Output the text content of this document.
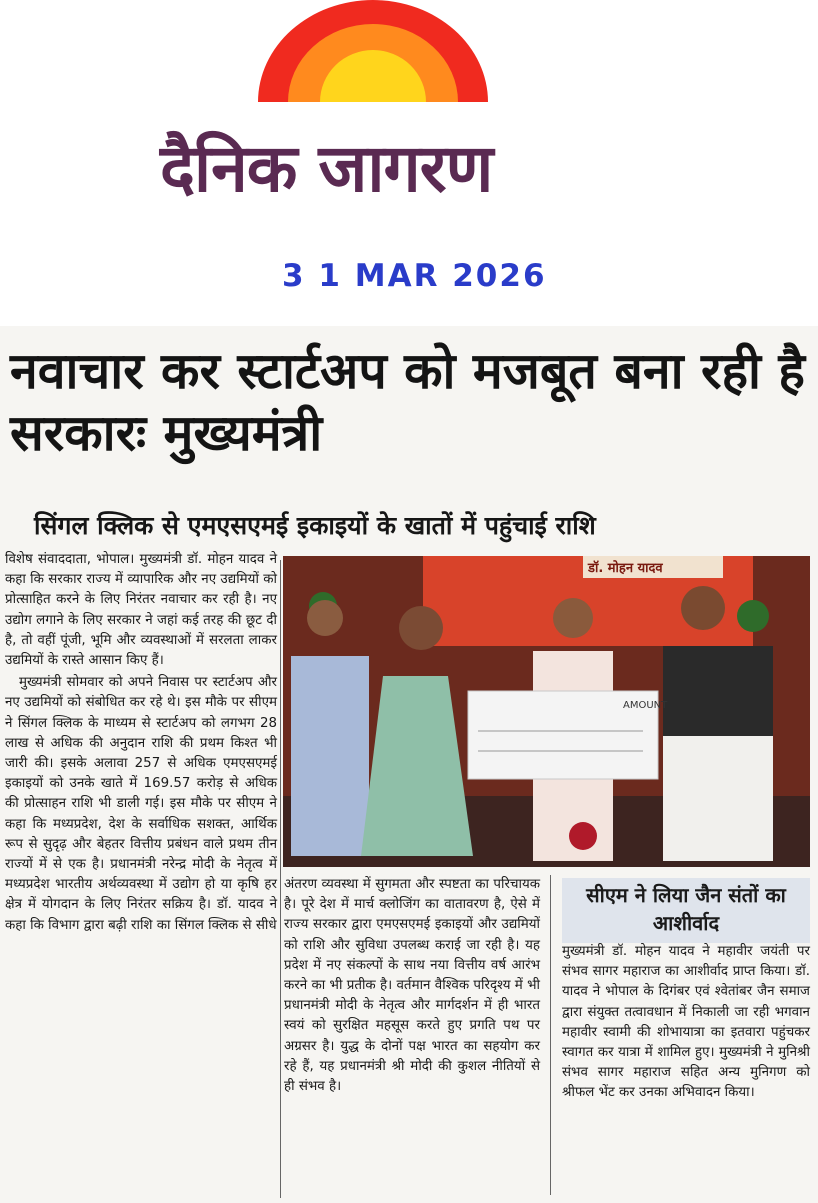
दैनिक जागरण
3 1 MAR 2026
नवाचार कर स्टार्टअप को मजबूत बना रही है सरकारः मुख्यमंत्री
सिंगल क्लिक से एमएसएमई इकाइयों के खातों में पहुंचाई राशि

विशेष संवाददाता, भोपाल। मुख्यमंत्री डॉ. मोहन यादव ने कहा कि सरकार राज्य में व्यापारिक और नए उद्यमियों को प्रोत्साहित करने के लिए निरंतर नवाचार कर रही है। नए उद्योग लगाने के लिए सरकार ने जहां कई तरह की छूट दी है, तो वहीं पूंजी, भूमि और व्यवस्थाओं में सरलता लाकर उद्यमियों के रास्ते आसान किए हैं।

मुख्यमंत्री सोमवार को अपने निवास पर स्टार्टअप और नए उद्यमियों को संबोधित कर रहे थे। इस मौके पर सीएम ने सिंगल क्लिक के माध्यम से स्टार्टअप को लगभग 28 लाख से अधिक की अनुदान राशि की प्रथम किश्त भी जारी की। इसके अलावा 257 से अधिक एमएसएमई इकाइयों को उनके खाते में 169.57 करोड़ से अधिक की प्रोत्साहन राशि भी डाली गई। इस मौके पर सीएम ने कहा कि मध्यप्रदेश, देश के सर्वाधिक सशक्त, आर्थिक रूप से सुदृढ़ और बेहतर वित्तीय प्रबंधन वाले प्रथम तीन राज्यों में से एक है। प्रधानमंत्री नरेन्द्र मोदी के नेतृत्व में मध्यप्रदेश भारतीय अर्थव्यवस्था में उद्योग हो या कृषि हर क्षेत्र में योगदान के लिए निरंतर सक्रिय है। डॉ. यादव ने कहा कि विभाग द्वारा बढ़ी राशि का सिंगल क्लिक से सीधे

डॉ. मोहन यादव
AMOUNT

अंतरण व्यवस्था में सुगमता और स्पष्टता का परिचायक है। पूरे देश में मार्च क्लोजिंग का वातावरण है, ऐसे में राज्य सरकार द्वारा एमएसएमई इकाइयों और उद्यमियों को राशि और सुविधा उपलब्ध कराई जा रही है। यह प्रदेश में नए संकल्पों के साथ नया वित्तीय वर्ष आरंभ करने का भी प्रतीक है। वर्तमान वैश्विक परिदृश्य में भी प्रधानमंत्री मोदी के नेतृत्व और मार्गदर्शन में ही भारत स्वयं को सुरक्षित महसूस करते हुए प्रगति पथ पर अग्रसर है। युद्ध के दोनों पक्ष भारत का सहयोग कर रहे हैं, यह प्रधानमंत्री श्री मोदी की कुशल नीतियों से ही संभव है।

सीएम ने लिया जैन संतों का आशीर्वाद

मुख्यमंत्री डॉ. मोहन यादव ने महावीर जयंती पर संभव सागर महाराज का आशीर्वाद प्राप्त किया। डॉ. यादव ने भोपाल के दिगंबर एवं श्वेतांबर जैन समाज द्वारा संयुक्त तत्वावधान में निकाली जा रही भगवान महावीर स्वामी की शोभायात्रा का इतवारा पहुंचकर स्वागत कर यात्रा में शामिल हुए। मुख्यमंत्री ने मुनिश्री संभव सागर महाराज सहित अन्य मुनिगण को श्रीफल भेंट कर उनका अभिवादन किया।
